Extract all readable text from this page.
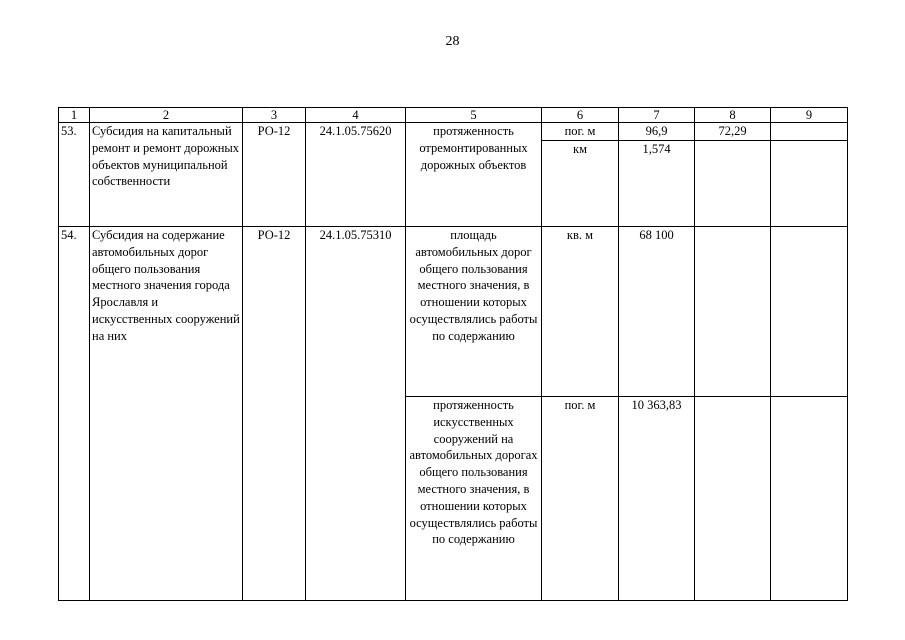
28
1	2	3	4	5	6	7	8	9
53.	Субсидия на капитальный ремонт и ремонт дорожных объектов муниципальной собственности	РО-12	24.1.05.75620	протяженность отремонтированных дорожных объектов	пог. м	96,9	72,29	
					км	1,574		
54.	Субсидия на содержание автомобильных дорог общего пользования местного значения города Ярославля и искусственных сооружений на них	РО-12	24.1.05.75310	площадь автомобильных дорог общего пользования местного значения, в отношении которых осуществлялись работы по содержанию	кв. м	68 100		
				протяженность искусственных сооружений на автомобильных дорогах общего пользования местного значения, в отношении которых осуществлялись работы по содержанию	пог. м	10 363,83		
